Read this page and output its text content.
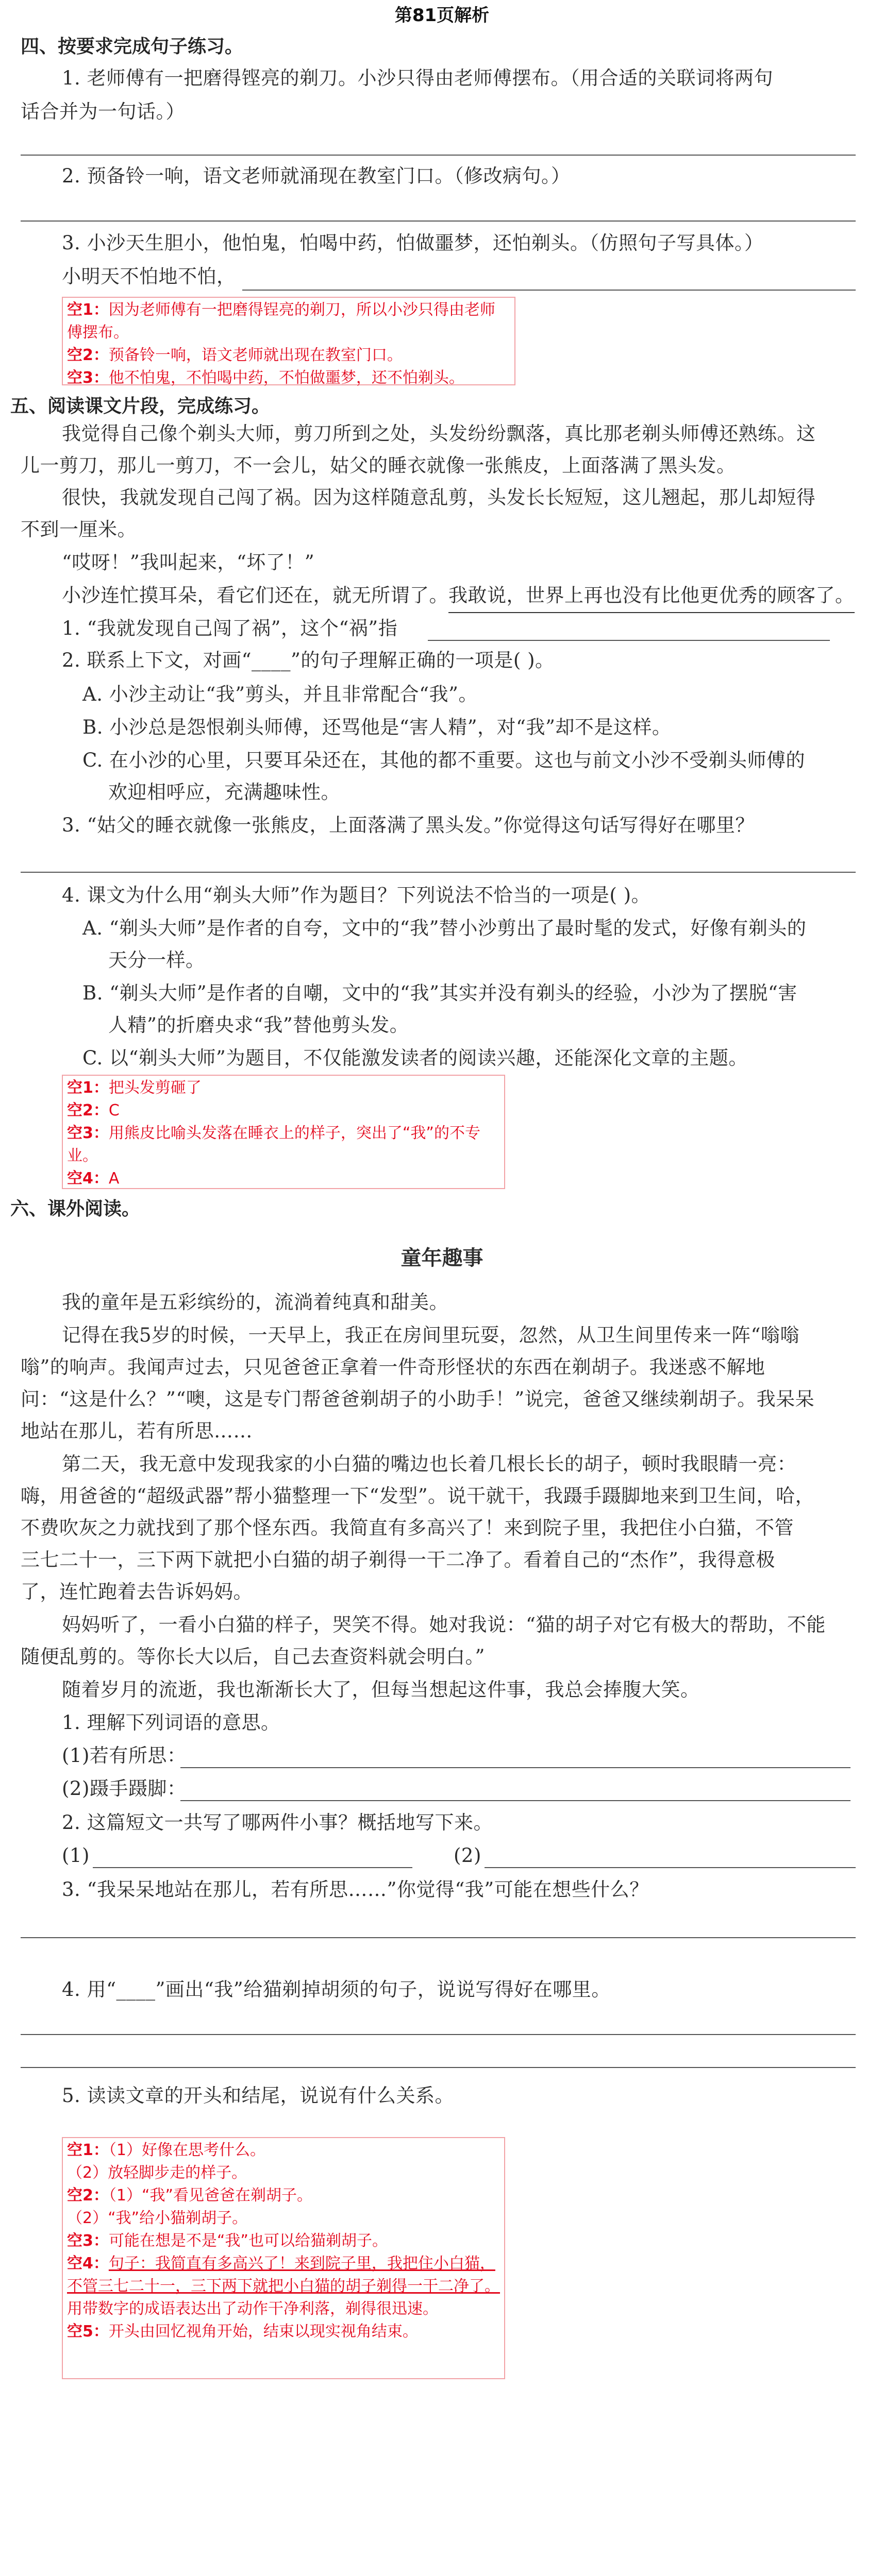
第81页解析
四、按要求完成句子练习。
1. 老师傅有一把磨得铿亮的剃刀。小沙只得由老师傅摆布。（用合适的关联词将两句
话合并为一句话。）
2. 预备铃一响，语文老师就涌现在教室门口。（修改病句。）
3. 小沙天生胆小，他怕鬼，怕喝中药，怕做噩梦，还怕剃头。（仿照句子写具体。）
小明天不怕地不怕，
空1：因为老师傅有一把磨得锃亮的剃刀，所以小沙只得由老师傅摆布。
空2：预备铃一响，语文老师就出现在教室门口。
空3：他不怕鬼，不怕喝中药，不怕做噩梦，还不怕剃头。
五、阅读课文片段，完成练习。
我觉得自己像个剃头大师，剪刀所到之处，头发纷纷飘落，真比那老剃头师傅还熟练。这
儿一剪刀，那儿一剪刀，不一会儿，姑父的睡衣就像一张熊皮，上面落满了黑头发。
很快，我就发现自己闯了祸。因为这样随意乱剪，头发长长短短，这儿翘起，那儿却短得
不到一厘米。
“哎呀！”我叫起来，“坏了！”
小沙连忙摸耳朵，看它们还在，就无所谓了。我敢说，世界上再也没有比他更优秀的顾客了。
1. “我就发现自己闯了祸”，这个“祸”指
2. 联系上下文，对画“____”的句子理解正确的一项是( )。
A. 小沙主动让“我”剪头，并且非常配合“我”。
B. 小沙总是怨恨剃头师傅，还骂他是“害人精”，对“我”却不是这样。
C. 在小沙的心里，只要耳朵还在，其他的都不重要。这也与前文小沙不受剃头师傅的
欢迎相呼应，充满趣味性。
3. “姑父的睡衣就像一张熊皮，上面落满了黑头发。”你觉得这句话写得好在哪里？
4. 课文为什么用“剃头大师”作为题目？下列说法不恰当的一项是( )。
A. “剃头大师”是作者的自夸，文中的“我”替小沙剪出了最时髦的发式，好像有剃头的
天分一样。
B. “剃头大师”是作者的自嘲，文中的“我”其实并没有剃头的经验，小沙为了摆脱“害
人精”的折磨央求“我”替他剪头发。
C. 以“剃头大师”为题目，不仅能激发读者的阅读兴趣，还能深化文章的主题。
空1：把头发剪砸了
空2：C
空3：用熊皮比喻头发落在睡衣上的样子，突出了“我”的不专业。
空4：A
六、课外阅读。
童年趣事
我的童年是五彩缤纷的，流淌着纯真和甜美。
记得在我5岁的时候，一天早上，我正在房间里玩耍，忽然，从卫生间里传来一阵“嗡嗡
嗡”的响声。我闻声过去，只见爸爸正拿着一件奇形怪状的东西在剃胡子。我迷惑不解地
问：“这是什么？”“噢，这是专门帮爸爸剃胡子的小助手！”说完，爸爸又继续剃胡子。我呆呆
地站在那儿，若有所思……
第二天，我无意中发现我家的小白猫的嘴边也长着几根长长的胡子，顿时我眼睛一亮：
嗨，用爸爸的“超级武器”帮小猫整理一下“发型”。说干就干，我蹑手蹑脚地来到卫生间，哈，
不费吹灰之力就找到了那个怪东西。我简直有多高兴了！来到院子里，我把住小白猫，不管
三七二十一，三下两下就把小白猫的胡子剃得一干二净了。看着自己的“杰作”，我得意极
了，连忙跑着去告诉妈妈。
妈妈听了，一看小白猫的样子，哭笑不得。她对我说：“猫的胡子对它有极大的帮助，不能
随便乱剪的。等你长大以后，自己去查资料就会明白。”
随着岁月的流逝，我也渐渐长大了，但每当想起这件事，我总会捧腹大笑。
1. 理解下列词语的意思。
(1)若有所思：
(2)蹑手蹑脚：
2. 这篇短文一共写了哪两件小事？概括地写下来。
(1)	(2)
3. “我呆呆地站在那儿，若有所思……”你觉得“我”可能在想些什么？
4. 用“____”画出“我”给猫剃掉胡须的句子，说说写得好在哪里。
5. 读读文章的开头和结尾，说说有什么关系。
空1：（1）好像在思考什么。
（2）放轻脚步走的样子。
空2：（1）“我”看见爸爸在剃胡子。
（2）“我”给小猫剃胡子。
空3：可能在想是不是“我”也可以给猫剃胡子。
空4：句子：我简直有多高兴了！来到院子里，我把住小白猫，不管三七二十一，三下两下就把小白猫的胡子剃得一干二净了。
用带数字的成语表达出了动作干净利落，剃得很迅速。
空5：开头由回忆视角开始，结束以现实视角结束。
